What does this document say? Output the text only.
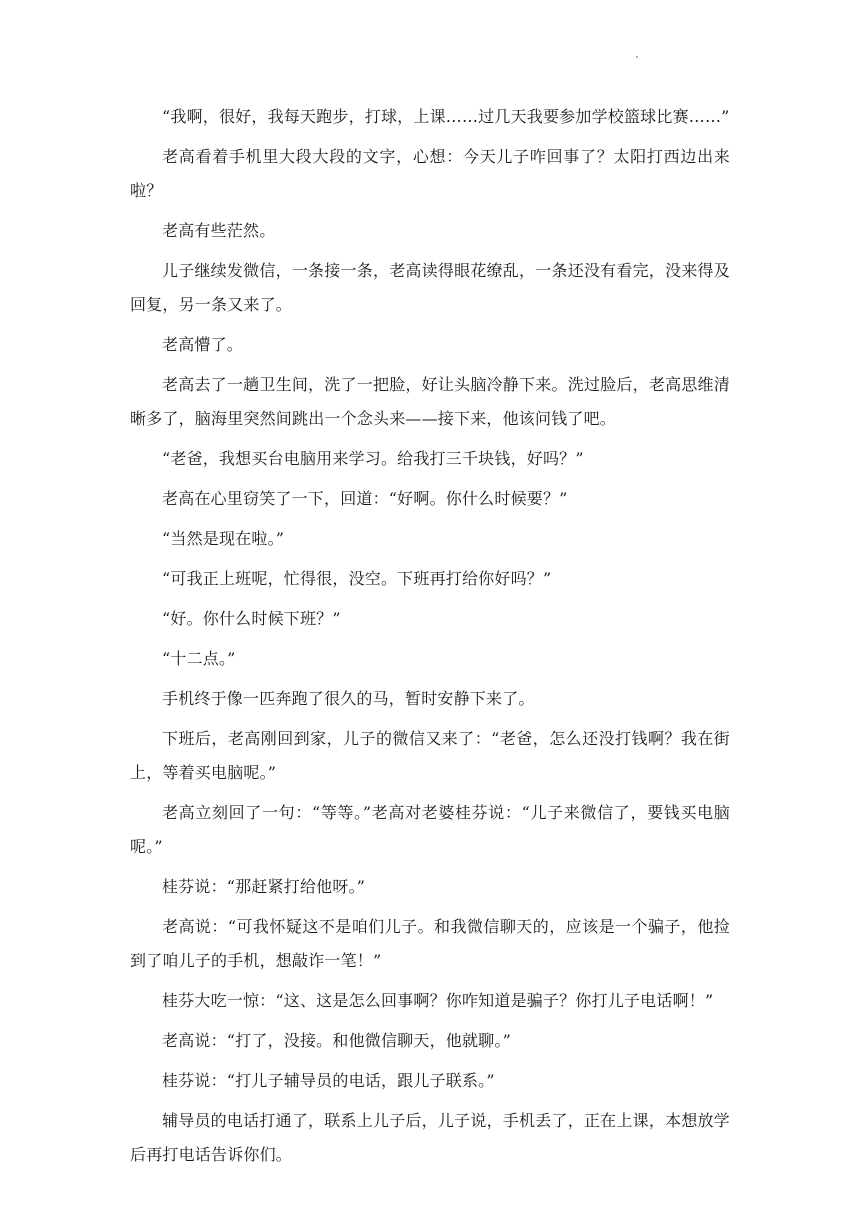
“我啊，很好，我每天跑步，打球，上课……过几天我要参加学校篮球比赛……”

老高看着手机里大段大段的文字，心想：今天儿子咋回事了？太阳打西边出来啦？

老高有些茫然。

儿子继续发微信，一条接一条，老高读得眼花缭乱，一条还没有看完，没来得及回复，另一条又来了。

老高懵了。

老高去了一趟卫生间，洗了一把脸，好让头脑冷静下来。洗过脸后，老高思维清晰多了，脑海里突然间跳出一个念头来——接下来，他该问钱了吧。

“老爸，我想买台电脑用来学习。给我打三千块钱，好吗？”

老高在心里窃笑了一下，回道：“好啊。你什么时候要？”

“当然是现在啦。”

“可我正上班呢，忙得很，没空。下班再打给你好吗？”

“好。你什么时候下班？”

“十二点。”

手机终于像一匹奔跑了很久的马，暂时安静下来了。

下班后，老高刚回到家，儿子的微信又来了：“老爸，怎么还没打钱啊？我在街上，等着买电脑呢。”

老高立刻回了一句：“等等。”老高对老婆桂芬说：“儿子来微信了，要钱买电脑呢。”

桂芬说：“那赶紧打给他呀。”

老高说：“可我怀疑这不是咱们儿子。和我微信聊天的，应该是一个骗子，他捡到了咱儿子的手机，想敲诈一笔！”

桂芬大吃一惊：“这、这是怎么回事啊？你咋知道是骗子？你打儿子电话啊！”

老高说：“打了，没接。和他微信聊天，他就聊。”

桂芬说：“打儿子辅导员的电话，跟儿子联系。”

辅导员的电话打通了，联系上儿子后，儿子说，手机丢了，正在上课，本想放学后再打电话告诉你们。
